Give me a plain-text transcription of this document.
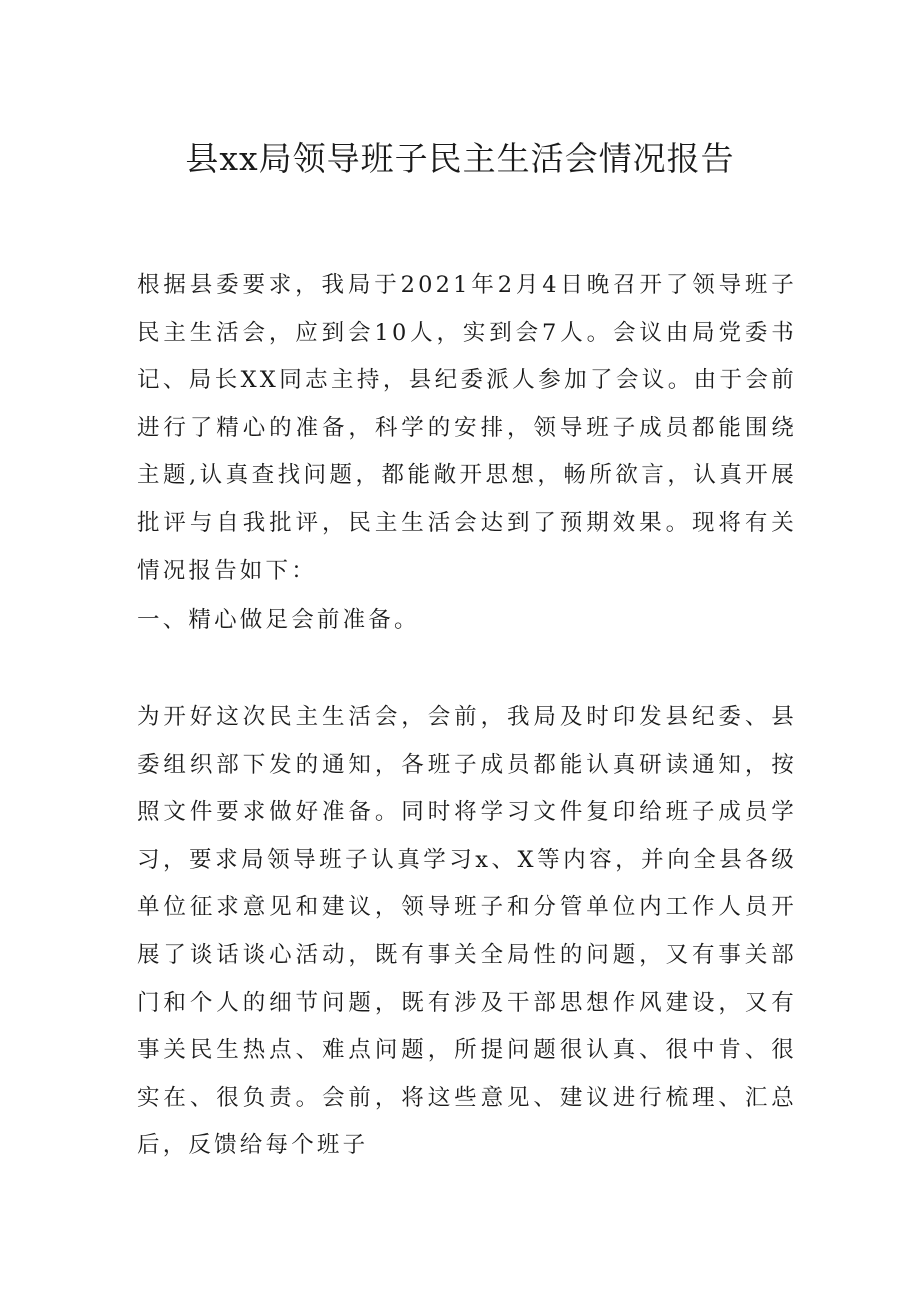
县xx局领导班子民主生活会情况报告

根据县委要求，我局于2021年2月4日晚召开了领导班子民主生活会，应到会10人，实到会7人。会议由局党委书记、局长XX同志主持，县纪委派人参加了会议。由于会前进行了精心的准备，科学的安排，领导班子成员都能围绕主题,认真查找问题，都能敞开思想，畅所欲言，认真开展批评与自我批评，民主生活会达到了预期效果。现将有关情况报告如下：

一、精心做足会前准备。

为开好这次民主生活会，会前，我局及时印发县纪委、县委组织部下发的通知，各班子成员都能认真研读通知，按照文件要求做好准备。同时将学习文件复印给班子成员学习，要求局领导班子认真学习x、X等内容，并向全县各级单位征求意见和建议，领导班子和分管单位内工作人员开展了谈话谈心活动，既有事关全局性的问题，又有事关部门和个人的细节问题，既有涉及干部思想作风建设，又有事关民生热点、难点问题，所提问题很认真、很中肯、很实在、很负责。会前，将这些意见、建议进行梳理、汇总后，反馈给每个班子
